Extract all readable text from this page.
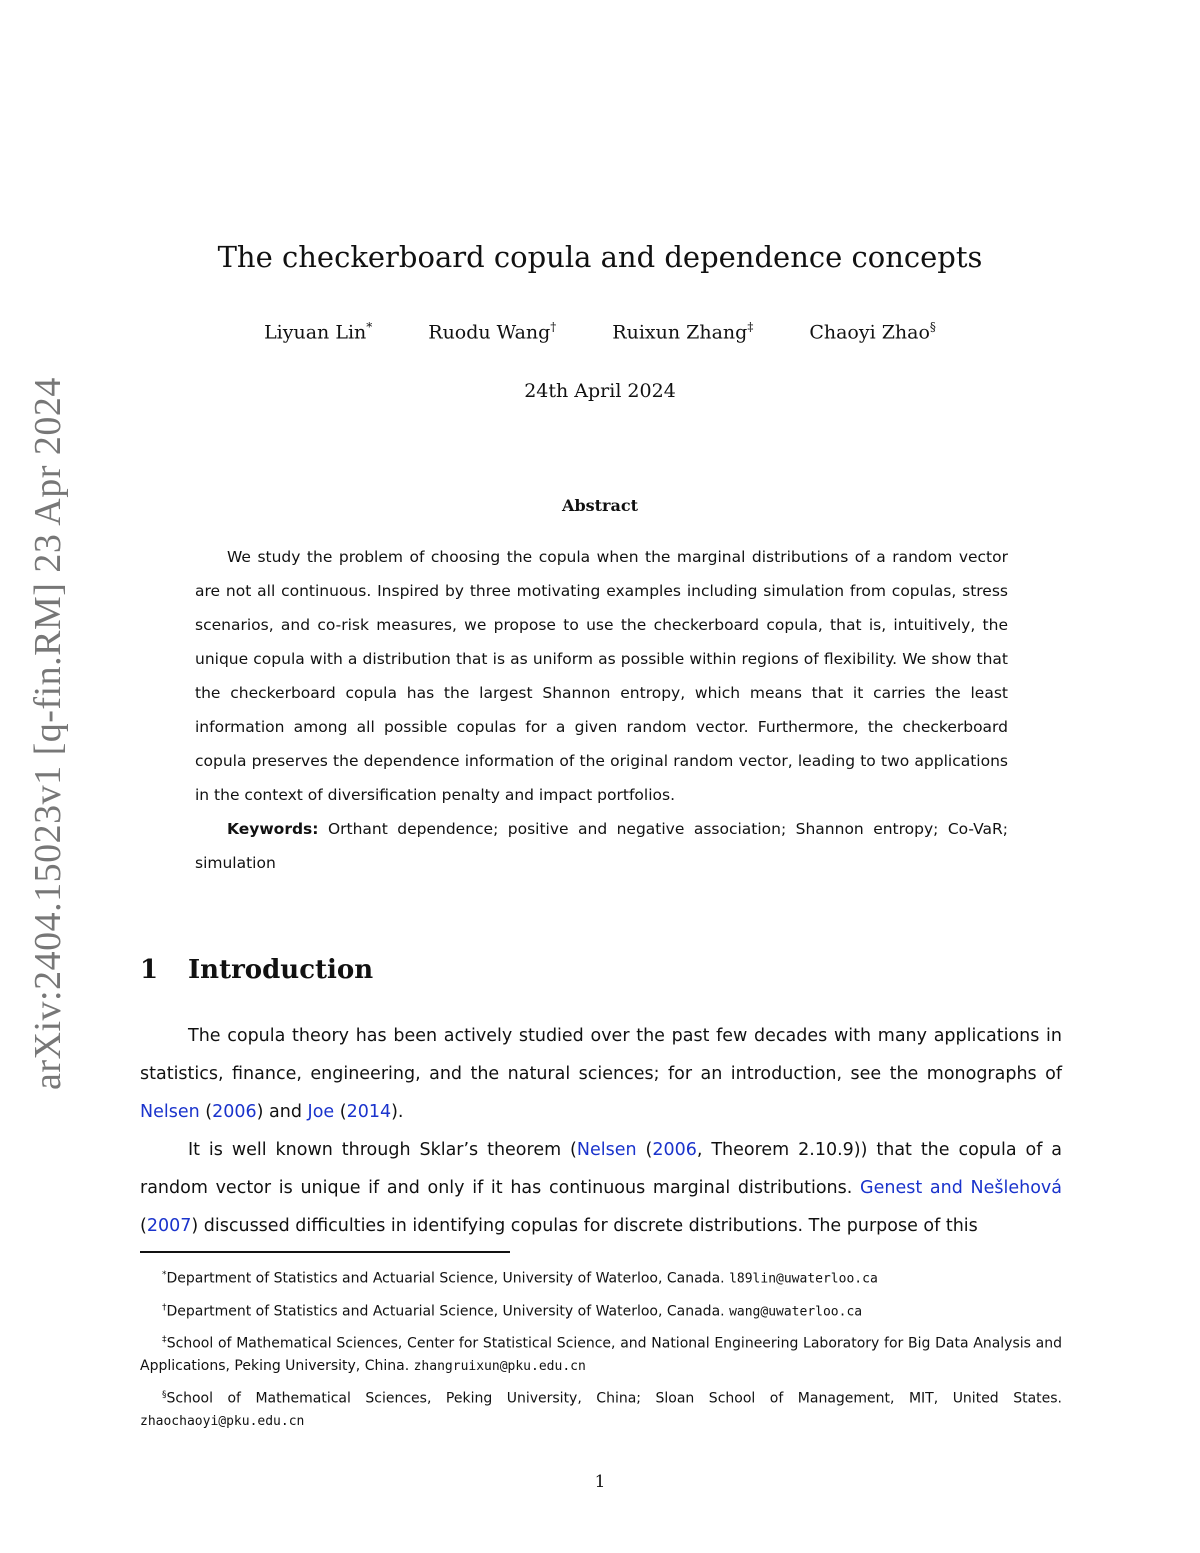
arXiv:2404.15023v1 [q-fin.RM] 23 Apr 2024
The checkerboard copula and dependence concepts
Liyuan Lin*	Ruodu Wang†	Ruixun Zhang‡	Chaoyi Zhao§
24th April 2024
Abstract

We study the problem of choosing the copula when the marginal distributions of a random vector are not all continuous. Inspired by three motivating examples including simulation from copulas, stress scenarios, and co-risk measures, we propose to use the checkerboard copula, that is, intuitively, the unique copula with a distribution that is as uniform as possible within regions of flexibility. We show that the checkerboard copula has the largest Shannon entropy, which means that it carries the least information among all possible copulas for a given random vector. Furthermore, the checkerboard copula preserves the dependence information of the original random vector, leading to two applications in the context of diversification penalty and impact portfolios.

Keywords: Orthant dependence; positive and negative association; Shannon entropy; Co-VaR; simulation

1 Introduction

The copula theory has been actively studied over the past few decades with many applications in statistics, finance, engineering, and the natural sciences; for an introduction, see the monographs of Nelsen (2006) and Joe (2014).

It is well known through Sklar’s theorem (Nelsen (2006, Theorem 2.10.9)) that the copula of a random vector is unique if and only if it has continuous marginal distributions. Genest and Nešlehová (2007) discussed difficulties in identifying copulas for discrete distributions. The purpose of this

*Department of Statistics and Actuarial Science, University of Waterloo, Canada. l89lin@uwaterloo.ca

†Department of Statistics and Actuarial Science, University of Waterloo, Canada. wang@uwaterloo.ca

‡School of Mathematical Sciences, Center for Statistical Science, and National Engineering Laboratory for Big Data Analysis and Applications, Peking University, China. zhangruixun@pku.edu.cn

§School of Mathematical Sciences, Peking University, China; Sloan School of Management, MIT, United States. zhaochaoyi@pku.edu.cn

1
